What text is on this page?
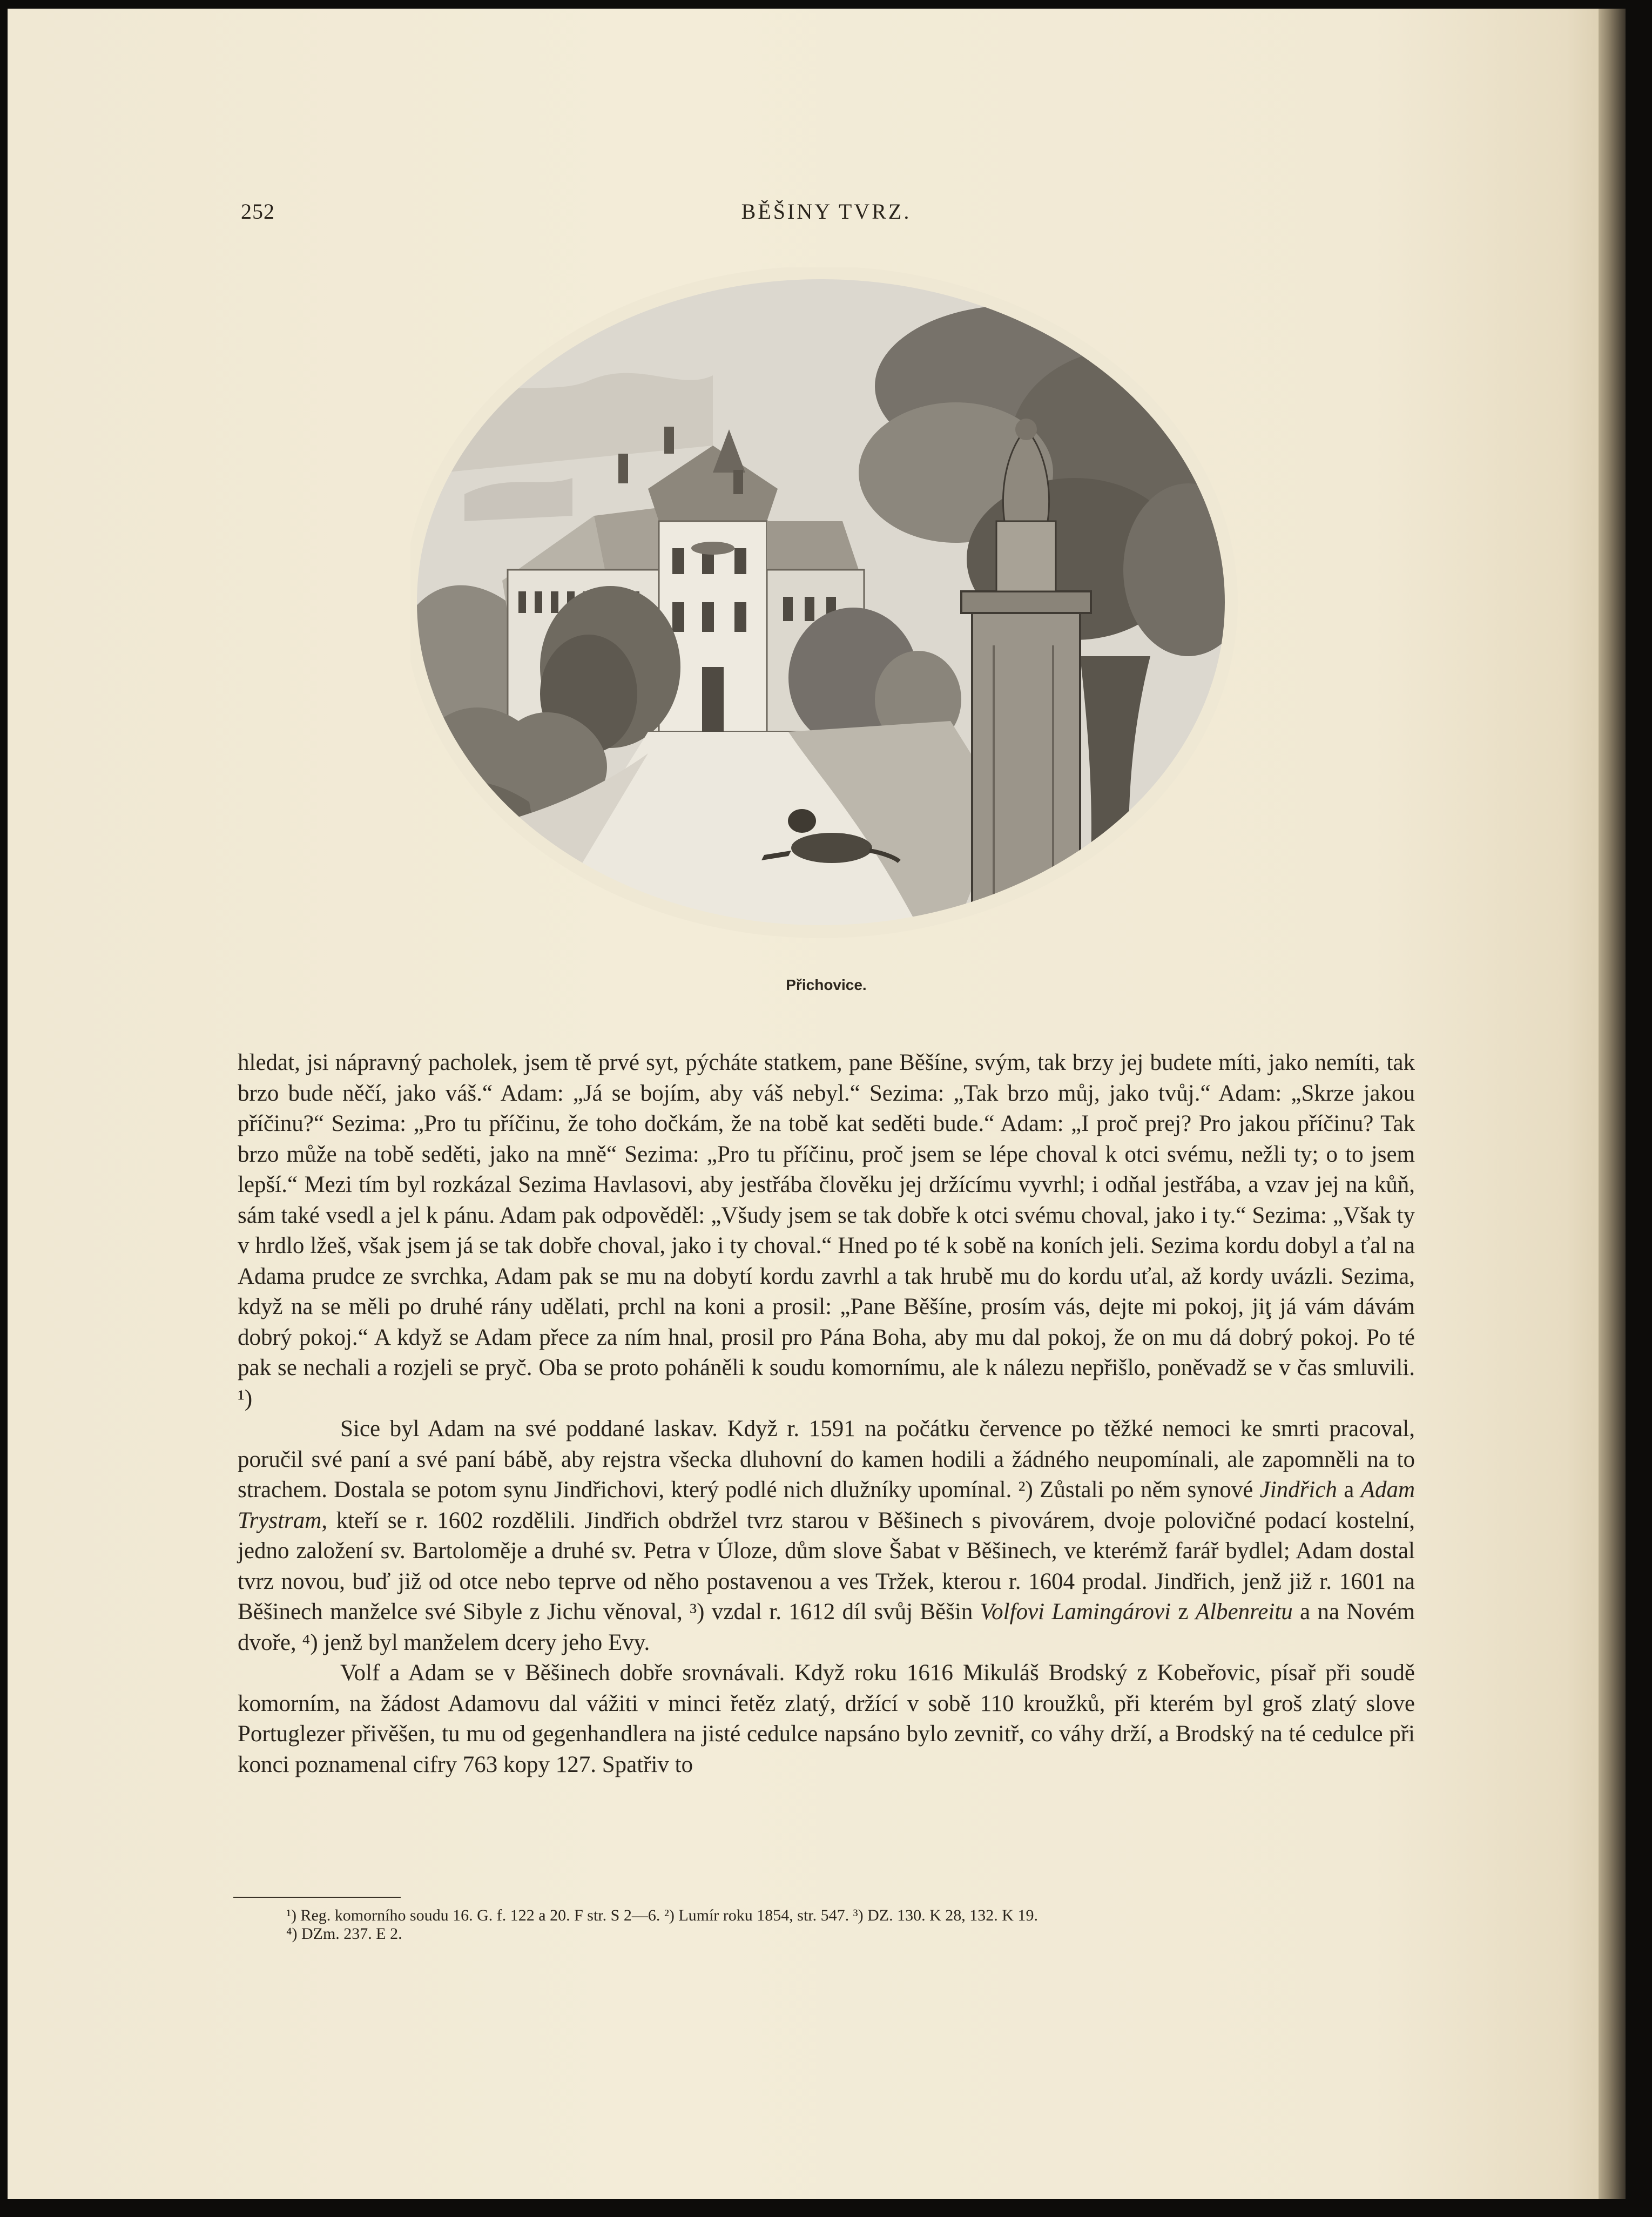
252	BĚŠINY TVRZ.
Přichovice.

hledat, jsi nápravný pacholek, jsem tě prvé syt, pýcháte statkem, pane Běšíne, svým, tak brzy jej budete míti, jako nemíti, tak brzo bude něčí, jako váš.“ Adam: „Já se bojím, aby váš nebyl.“ Sezima: „Tak brzo můj, jako tvůj.“ Adam: „Skrze jakou příčinu?“ Sezima: „Pro tu příčinu, že toho dočkám, že na tobě kat seděti bude.“ Adam: „I proč prej? Pro jakou příčinu? Tak brzo může na tobě seděti, jako na mně“ Sezima: „Pro tu příčinu, proč jsem se lépe choval k otci svému, nežli ty; o to jsem lepší.“ Mezi tím byl rozkázal Sezima Havlasovi, aby jestřába člověku jej držícímu vyvrhl; i odňal jestřába, a vzav jej na kůň, sám také vsedl a jel k pánu. Adam pak odpověděl: „Všudy jsem se tak dobře k otci svému choval, jako i ty.“ Sezima: „Však ty v hrdlo lžeš, však jsem já se tak dobře choval, jako i ty choval.“ Hned po té k sobě na koních jeli. Sezima kordu dobyl a ťal na Adama prudce ze svrchka, Adam pak se mu na dobytí kordu zavrhl a tak hrubě mu do kordu uťal, až kordy uvázli. Sezima, když na se měli po druhé rány udělati, prchl na koni a prosil: „Pane Běšíne, prosím vás, dejte mi pokoj, jiţ já vám dávám dobrý pokoj.“ A když se Adam přece za ním hnal, prosil pro Pána Boha, aby mu dal pokoj, že on mu dá dobrý pokoj. Po té pak se nechali a rozjeli se pryč. Oba se proto poháněli k soudu komornímu, ale k nálezu nepřišlo, poněvadž se v čas smluvili. ¹)

Sice byl Adam na své poddané laskav. Když r. 1591 na počátku července po těžké nemoci ke smrti pracoval, poručil své paní a své paní bábě, aby rejstra všecka dluhovní do kamen hodili a žádného neupomínali, ale zapomněli na to strachem. Dostala se potom synu Jindřichovi, který podlé nich dlužníky upomínal. ²) Zůstali po něm synové Jindřich a Adam Trystram, kteří se r. 1602 rozdělili. Jindřich obdržel tvrz starou v Běšinech s pivovárem, dvoje polovičné podací kostelní, jedno založení sv. Bartoloměje a druhé sv. Petra v Úloze, dům slove Šabat v Běšinech, ve kterémž farář bydlel; Adam dostal tvrz novou, buď již od otce nebo teprve od něho postavenou a ves Tržek, kterou r. 1604 prodal. Jindřich, jenž již r. 1601 na Běšinech manželce své Sibyle z Jichu věnoval, ³) vzdal r. 1612 díl svůj Běšin Volfovi Lamingárovi z Albenreitu a na Novém dvoře, ⁴) jenž byl manželem dcery jeho Evy.

Volf a Adam se v Běšinech dobře srovnávali. Když roku 1616 Mikuláš Brodský z Kobeřovic, písař při soudě komorním, na žádost Adamovu dal vážiti v minci řetěz zlatý, držící v sobě 110 kroužků, při kterém byl groš zlatý slove Portuglezer přivěšen, tu mu od gegenhandlera na jisté cedulce napsáno bylo zevnitř, co váhy drží, a Brodský na té cedulce při konci poznamenal cifry 763 kopy 127. Spatřiv to

¹) Reg. komorního soudu 16. G. f. 122 a 20. F str. S 2—6. ²) Lumír roku 1854, str. 547. ³) DZ. 130. K 28, 132. K 19.

⁴) DZm. 237. E 2.
